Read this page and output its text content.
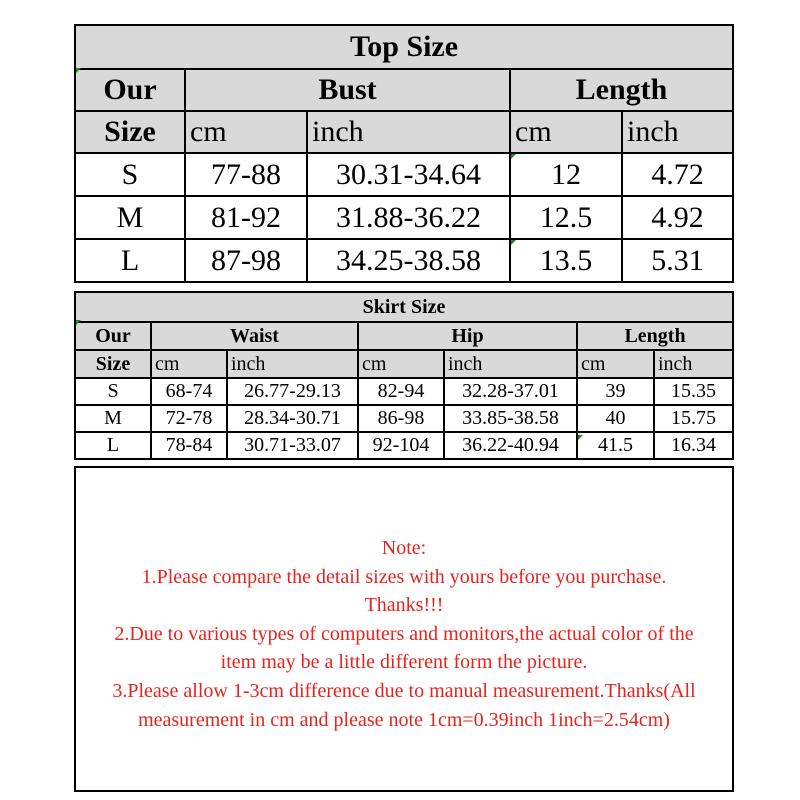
Top Size				
Our	Bust		Length	
Size	cm	inch	cm	inch
S	77-88	30.31-34.64	12	4.72
M	81-92	31.88-36.22	12.5	4.92
L	87-98	34.25-38.58	13.5	5.31
Skirt Size						
Our	Waist		Hip		Length	
Size	cm	inch	cm	inch	cm	inch
S	68-74	26.77-29.13	82-94	32.28-37.01	39	15.35
M	72-78	28.34-30.71	86-98	33.85-38.58	40	15.75
L	78-84	30.71-33.07	92-104	36.22-40.94	41.5	16.34
Note:
1.Please compare the detail sizes with yours before you purchase.
Thanks!!!
2.Due to various types of computers and monitors,the actual color of the
item may be a little different form the picture.
3.Please allow 1-3cm difference due to manual measurement.Thanks(All
measurement in cm and please note 1cm=0.39inch 1inch=2.54cm)
